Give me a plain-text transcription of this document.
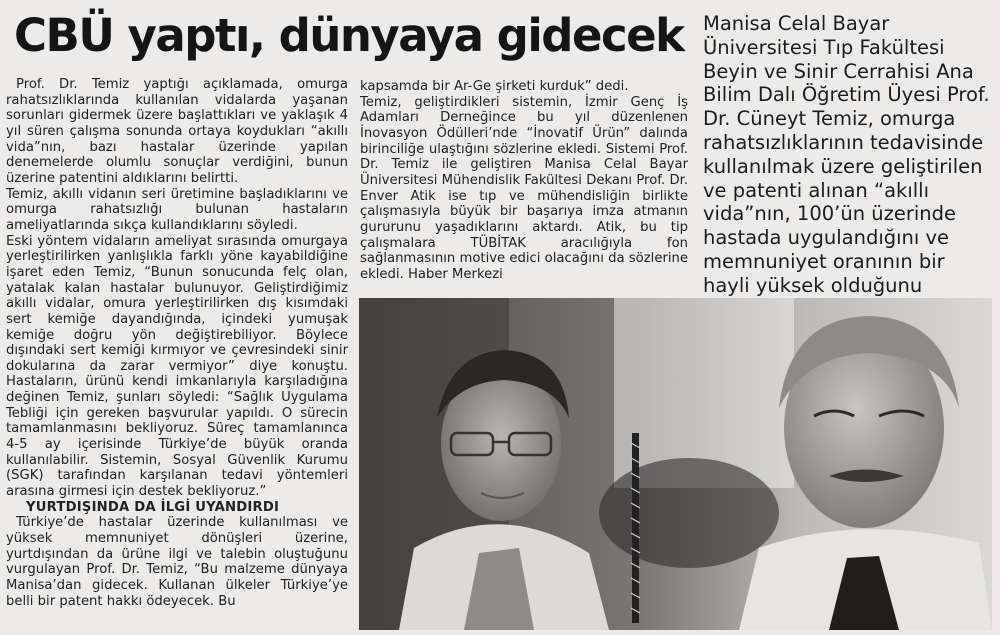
CBÜ yaptı, dünyaya gidecek Manisa Celal Bayar Üniversitesi Tıp Fakültesi Beyin ve Sinir Cerrahisi Ana Bilim Dalı Öğretim Üyesi Prof. Dr. Cüneyt Temiz, omurga rahatsızlıklarının tedavisinde kullanılmak üzere geliştirilen ve patenti alınan “akıllı vida”nın, 100’ün üzerinde hastada uygulandığını ve memnuniyet oranının bir hayli yüksek olduğunu

Prof. Dr. Temiz yaptığı açıklamada, omurga rahatsızlıklarında kullanılan vidalarda yaşanan sorunları gidermek üzere başlattıkları ve yaklaşık 4 yıl süren çalışma sonunda ortaya koydukları “akıllı vida”nın, bazı hastalar üzerinde yapılan denemelerde olumlu sonuçlar verdiğini, bunun üzerine patentini aldıklarını belirtti.

Temiz, akıllı vidanın seri üretimine başladıklarını ve omurga rahatsızlığı bulunan hastaların ameliyatlarında sıkça kullandıklarını söyledi.

Eski yöntem vidaların ameliyat sırasında omurgaya yerleştirilirken yanlışlıkla farklı yöne kayabildiğine işaret eden Temiz, “Bunun sonucunda felç olan, yatalak kalan hastalar bulunuyor. Geliştirdiğimiz akıllı vidalar, omura yerleştirilirken dış kısımdaki sert kemiğe dayandığında, içindeki yumuşak kemiğe doğru yön değiştirebiliyor. Böylece dışındaki sert kemiği kırmıyor ve çevresindeki sinir dokularına da zarar vermiyor” diye konuştu. Hastaların, ürünü kendi imkanlarıyla karşıladığına değinen Temiz, şunları söyledi: “Sağlık Uygulama Tebliği için gereken başvurular yapıldı. O sürecin tamamlanmasını bekliyoruz. Süreç tamamlanınca 4-5 ay içerisinde Türkiye’de büyük oranda kullanılabilir. Sistemin, Sosyal Güvenlik Kurumu (SGK) tarafından karşılanan tedavi yöntemleri arasına girmesi için destek bekliyoruz.”

YURTDIŞINDA DA İLGİ UYANDIRDI

Türkiye’de hastalar üzerinde kullanılması ve yüksek memnuniyet dönüşleri üzerine, yurtdışından da ürüne ilgi ve talebin oluştuğunu vurgulayan Prof. Dr. Temiz, “Bu malzeme dünyaya Manisa’dan gidecek. Kullanan ülkeler Türkiye’ye belli bir patent hakkı ödeyecek. Bu

kapsamda bir Ar-Ge şirketi kurduk” dedi.

Temiz, geliştirdikleri sistemin, İzmir Genç İş Adamları Derneğince bu yıl düzenlenen İnovasyon Ödülleri’nde “İnovatif Ürün” dalında birinciliğe ulaştığını sözlerine ekledi. Sistemi Prof. Dr. Temiz ile geliştiren Manisa Celal Bayar Üniversitesi Mühendislik Fakültesi Dekanı Prof. Dr. Enver Atik ise tıp ve mühendisliğin birlikte çalışmasıyla büyük bir başarıya imza atmanın gururunu yaşadıklarını aktardı. Atik, bu tip çalışmalara TÜBİTAK aracılığıyla fon sağlanmasının motive edici olacağını da sözlerine ekledi. Haber Merkezi
